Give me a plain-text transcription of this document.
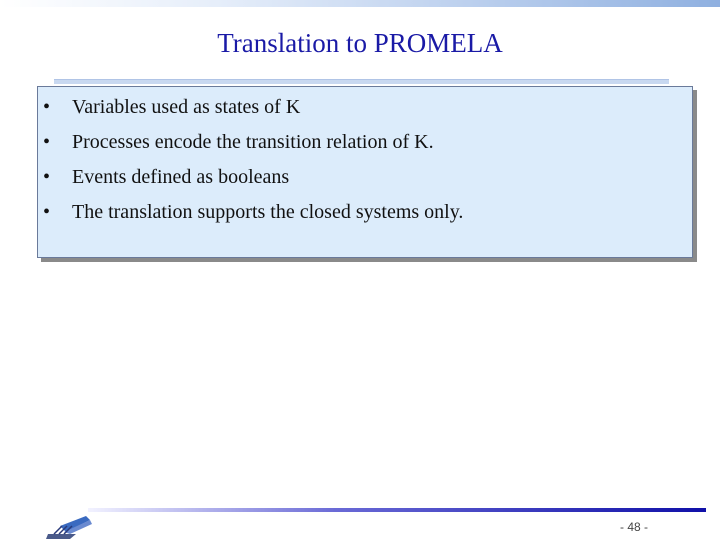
Translation to PROMELA
•	Variables used as states of K
•	Processes encode the transition relation of K.
•	Events defined as booleans
•	The translation supports the closed systems only.
- 48 -
